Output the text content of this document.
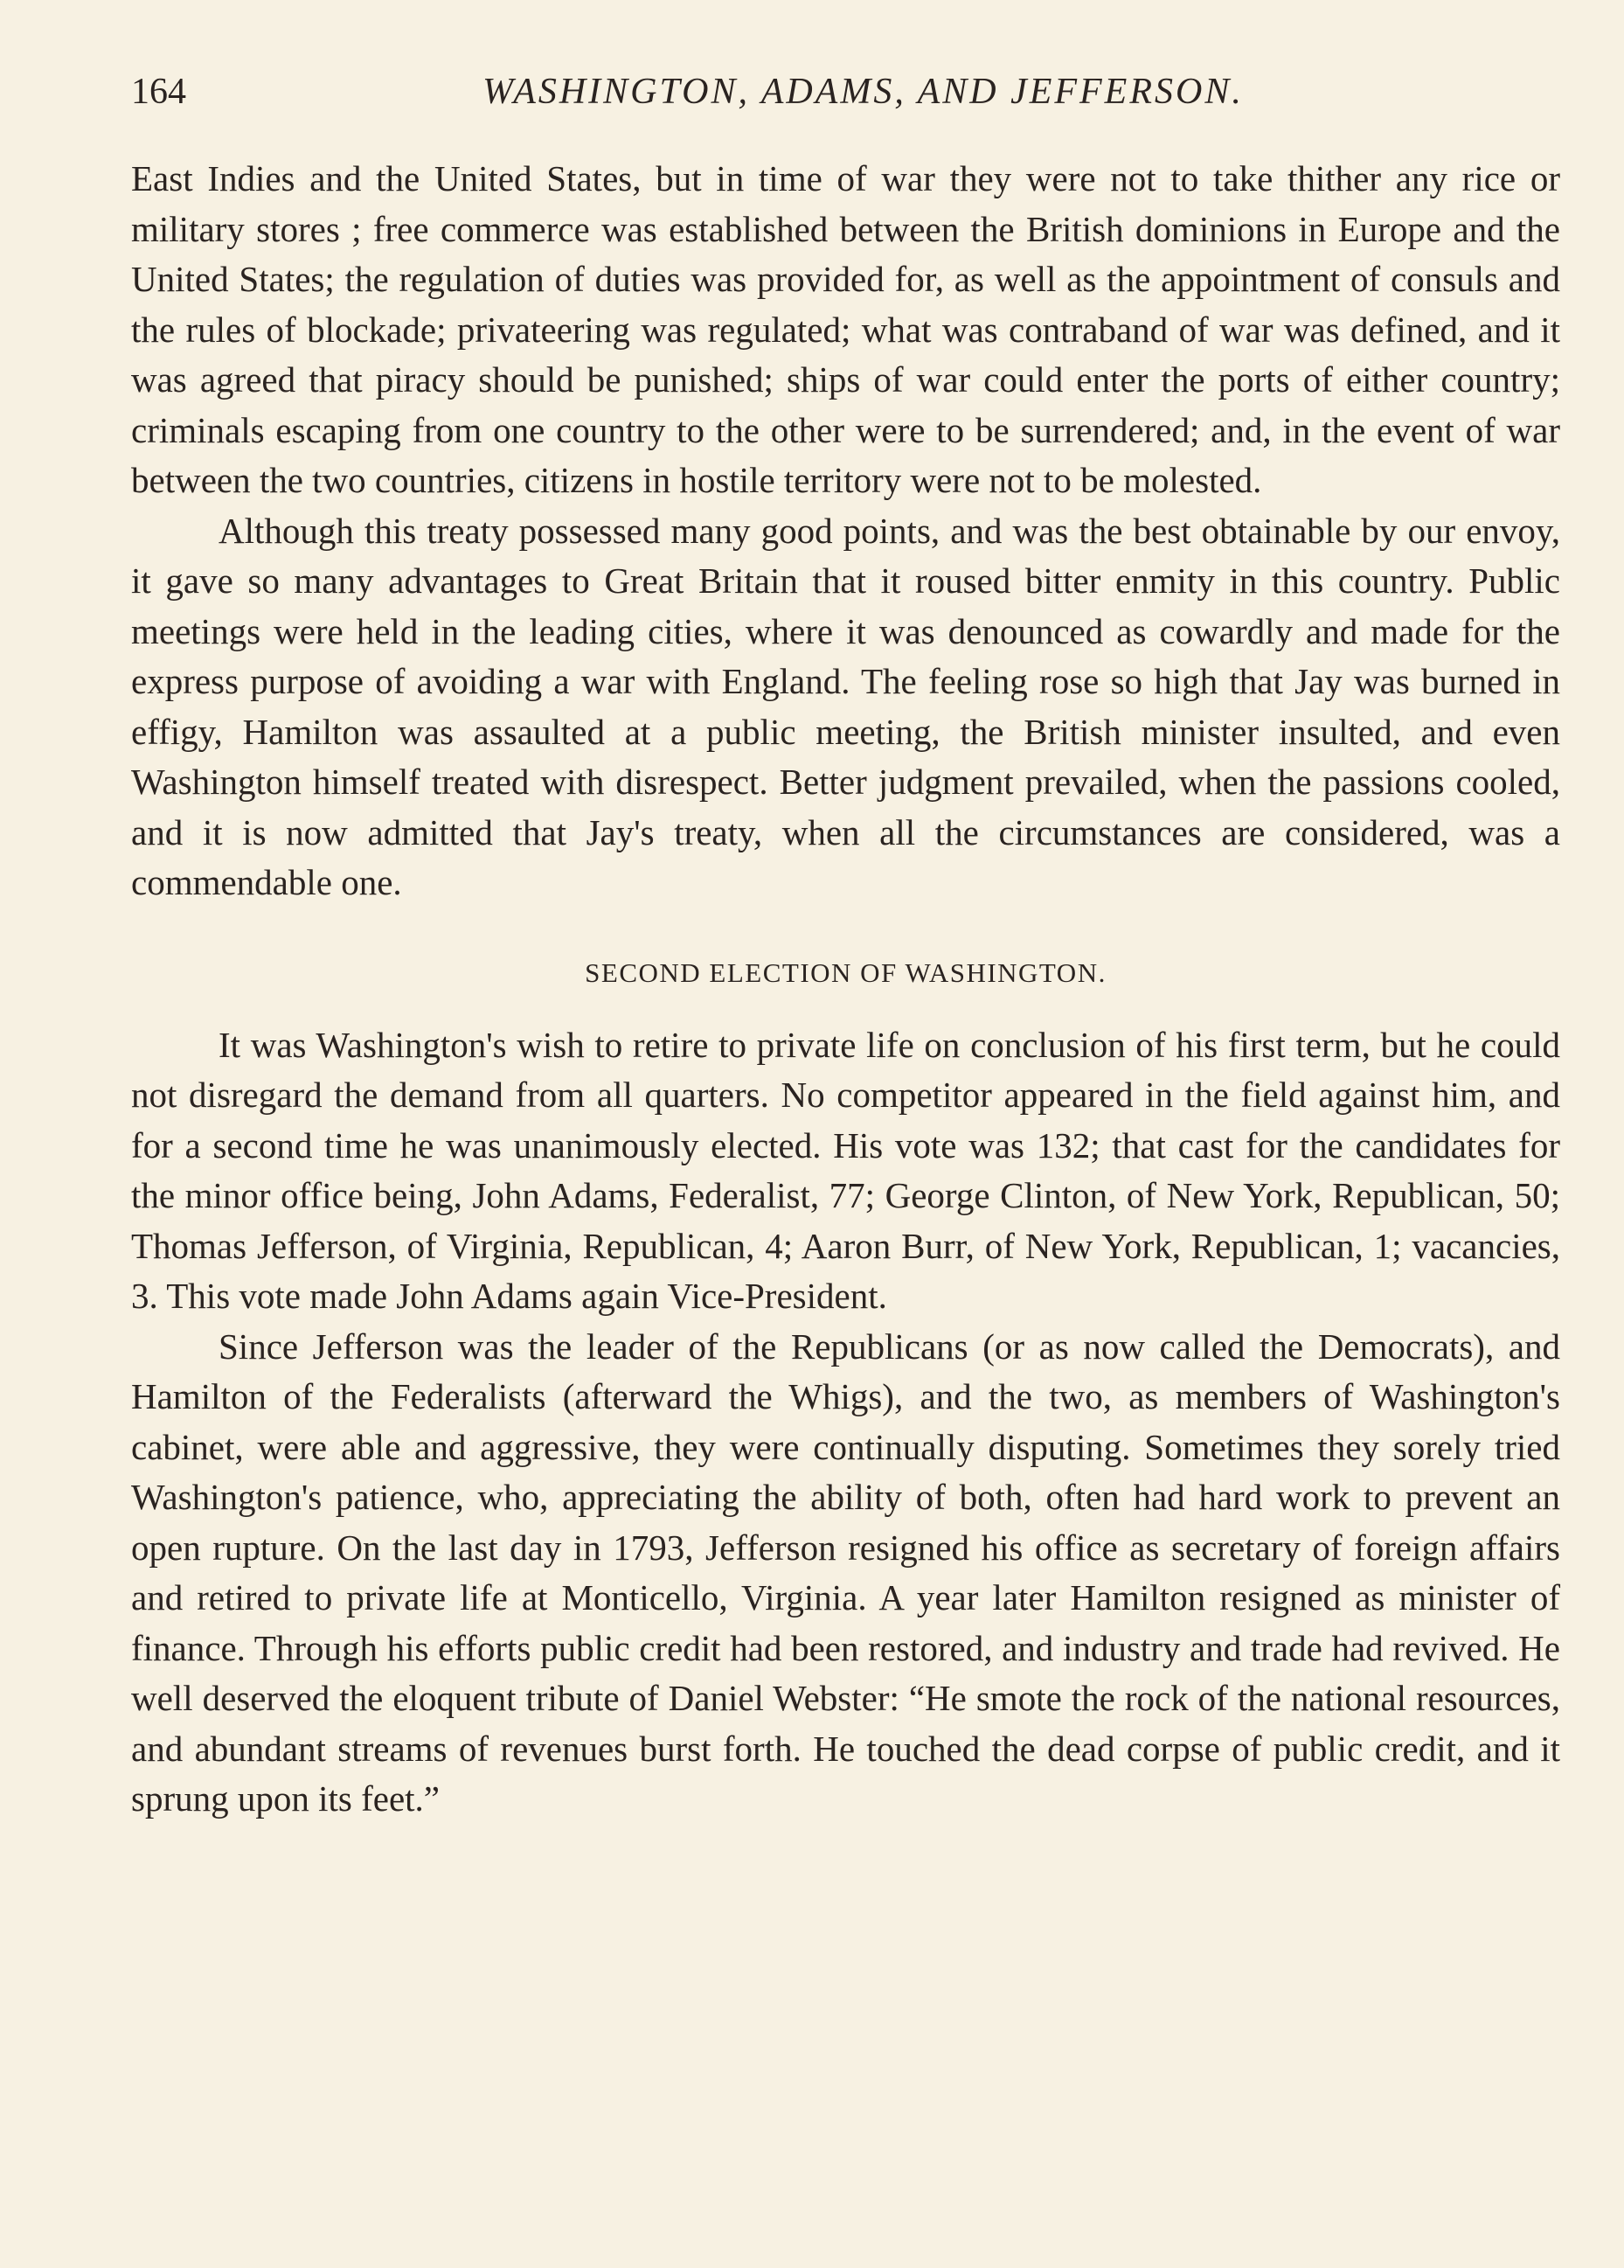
164	WASHINGTON, ADAMS, AND JEFFERSON.

East Indies and the United States, but in time of war they were not to take thither any rice or military stores ; free commerce was established between the British dominions in Europe and the United States; the regulation of duties was provided for, as well as the appointment of consuls and the rules of blockade; privateering was regulated; what was contraband of war was defined, and it was agreed that piracy should be punished; ships of war could enter the ports of either country; criminals escaping from one country to the other were to be surrendered; and, in the event of war between the two countries, citizens in hostile territory were not to be molested.

Although this treaty possessed many good points, and was the best obtainable by our envoy, it gave so many advantages to Great Britain that it roused bitter enmity in this country. Public meetings were held in the leading cities, where it was denounced as cowardly and made for the express purpose of avoiding a war with England. The feeling rose so high that Jay was burned in effigy, Hamilton was assaulted at a public meeting, the British minister insulted, and even Washington himself treated with disrespect. Better judgment prevailed, when the passions cooled, and it is now admitted that Jay's treaty, when all the circumstances are considered, was a commendable one.

SECOND ELECTION OF WASHINGTON.

It was Washington's wish to retire to private life on conclusion of his first term, but he could not disregard the demand from all quarters. No competitor appeared in the field against him, and for a second time he was unanimously elected. His vote was 132; that cast for the candidates for the minor office being, John Adams, Federalist, 77; George Clinton, of New York, Republican, 50; Thomas Jefferson, of Virginia, Republican, 4; Aaron Burr, of New York, Republican, 1; vacancies, 3. This vote made John Adams again Vice-President.

Since Jefferson was the leader of the Republicans (or as now called the Democrats), and Hamilton of the Federalists (afterward the Whigs), and the two, as members of Washington's cabinet, were able and aggressive, they were continually disputing. Sometimes they sorely tried Washington's patience, who, appreciating the ability of both, often had hard work to prevent an open rupture. On the last day in 1793, Jefferson resigned his office as secretary of foreign affairs and retired to private life at Monticello, Virginia. A year later Hamilton resigned as minister of finance. Through his efforts public credit had been restored, and industry and trade had revived. He well deserved the eloquent tribute of Daniel Webster: “He smote the rock of the national resources, and abundant streams of revenues burst forth. He touched the dead corpse of public credit, and it sprung upon its feet.”
